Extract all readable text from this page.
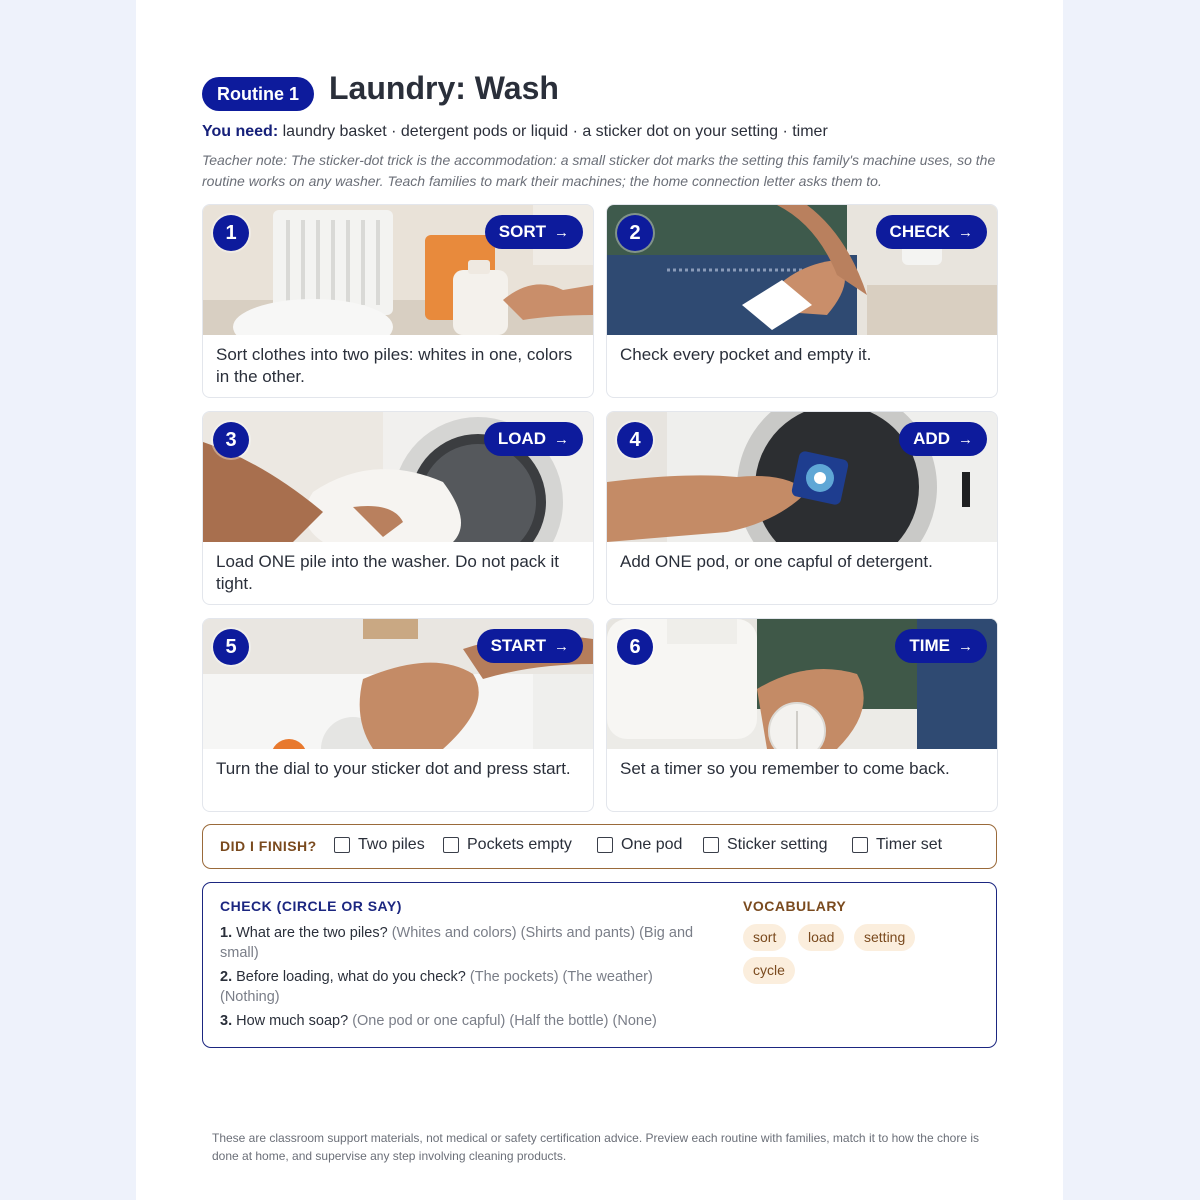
Routine 1 Laundry: Wash
You need: laundry basket · detergent pods or liquid · a sticker dot on your setting · timer
Teacher note: The sticker-dot trick is the accommodation: a small sticker dot marks the setting this family's machine uses, so the routine works on any washer. Teach families to mark their machines; the home connection letter asks them to.
1	SORT →
Sort clothes into two piles: whites in one, colors in the other.
2	CHECK →
Check every pocket and empty it.
3	LOAD →
Load ONE pile into the washer. Do not pack it tight.
4	ADD →
Add ONE pod, or one capful of detergent.
5	START →
Turn the dial to your sticker dot and press start.
6	TIME →
Set a timer so you remember to come back.
DID I FINISH?	Two piles	Pockets empty	One pod	Sticker setting	Timer set
CHECK (CIRCLE OR SAY)
1. What are the two piles? (Whites and colors) (Shirts and pants) (Big and small)
2. Before loading, what do you check? (The pockets) (The weather) (Nothing)
3. How much soap? (One pod or one capful) (Half the bottle) (None)
VOCABULARY
sort	load	setting
cycle
These are classroom support materials, not medical or safety certification advice. Preview each routine with families, match it to how the chore is done at home, and supervise any step involving cleaning products.
